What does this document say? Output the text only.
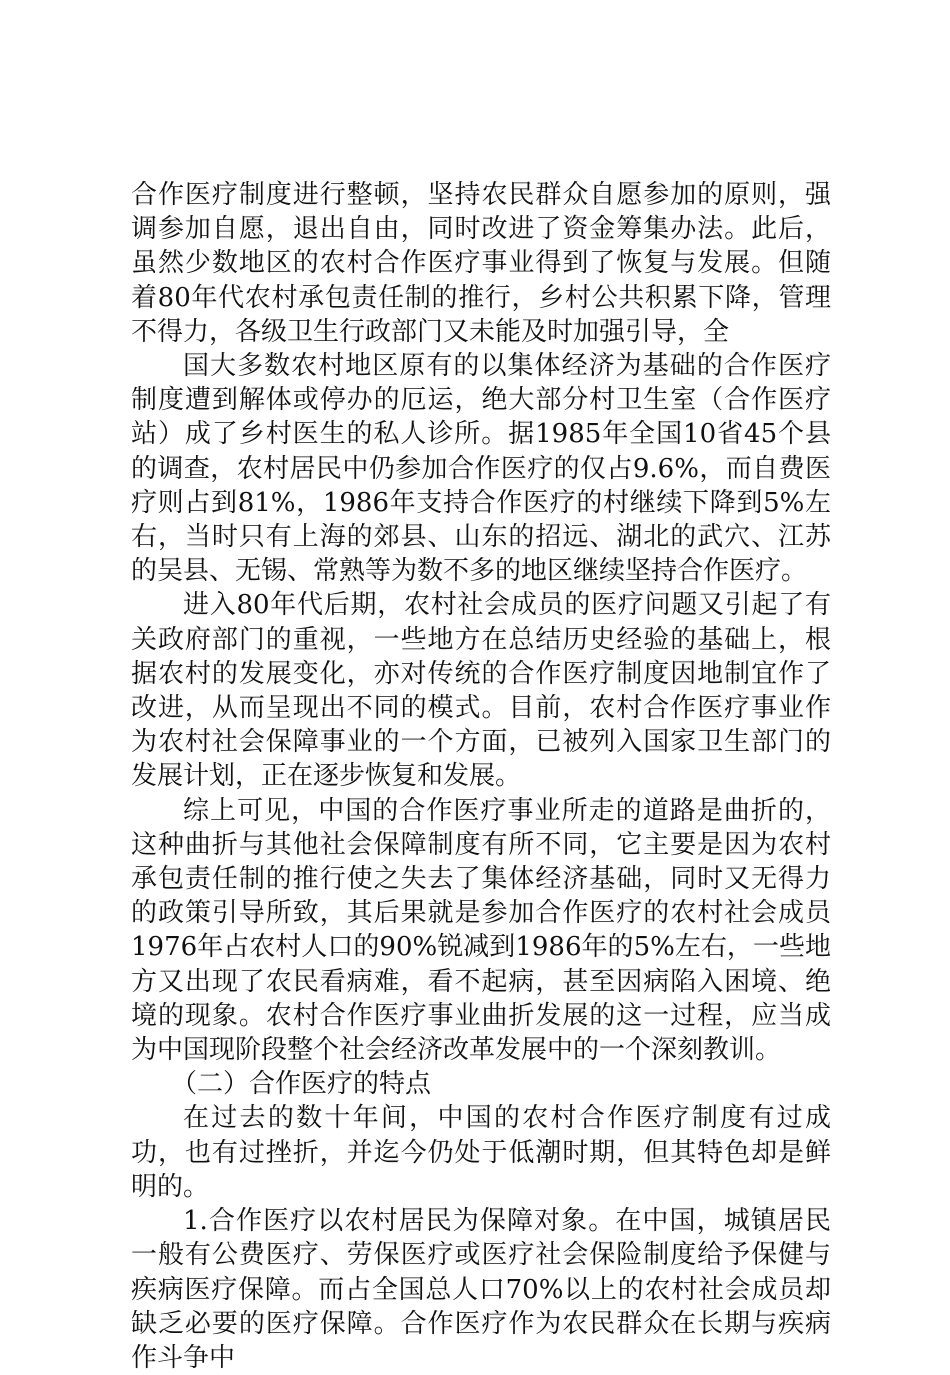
合作医疗制度进行整顿，坚持农民群众自愿参加的原则，强调参加自愿，退出自由，同时改进了资金筹集办法。此后，虽然少数地区的农村合作医疗事业得到了恢复与发展。但随着80年代农村承包责任制的推行，乡村公共积累下降，管理不得力，各级卫生行政部门又未能及时加强引导，全

国大多数农村地区原有的以集体经济为基础的合作医疗制度遭到解体或停办的厄运，绝大部分村卫生室（合作医疗站）成了乡村医生的私人诊所。据1985年全国10省45个县的调查，农村居民中仍参加合作医疗的仅占9.6%，而自费医疗则占到81%，1986年支持合作医疗的村继续下降到5%左右，当时只有上海的郊县、山东的招远、湖北的武穴、江苏的吴县、无锡、常熟等为数不多的地区继续坚持合作医疗。

进入80年代后期，农村社会成员的医疗问题又引起了有关政府部门的重视，一些地方在总结历史经验的基础上，根据农村的发展变化，亦对传统的合作医疗制度因地制宜作了改进，从而呈现出不同的模式。目前，农村合作医疗事业作为农村社会保障事业的一个方面，已被列入国家卫生部门的发展计划，正在逐步恢复和发展。

综上可见，中国的合作医疗事业所走的道路是曲折的，这种曲折与其他社会保障制度有所不同，它主要是因为农村承包责任制的推行使之失去了集体经济基础，同时又无得力的政策引导所致，其后果就是参加合作医疗的农村社会成员1976年占农村人口的90%锐减到1986年的5%左右，一些地方又出现了农民看病难，看不起病，甚至因病陷入困境、绝境的现象。农村合作医疗事业曲折发展的这一过程，应当成为中国现阶段整个社会经济改革发展中的一个深刻教训。

（二）合作医疗的特点

在过去的数十年间，中国的农村合作医疗制度有过成功，也有过挫折，并迄今仍处于低潮时期，但其特色却是鲜明的。

1.合作医疗以农村居民为保障对象。在中国，城镇居民一般有公费医疗、劳保医疗或医疗社会保险制度给予保健与疾病医疗保障。而占全国总人口70%以上的农村社会成员却缺乏必要的医疗保障。合作医疗作为农民群众在长期与疾病作斗争中
